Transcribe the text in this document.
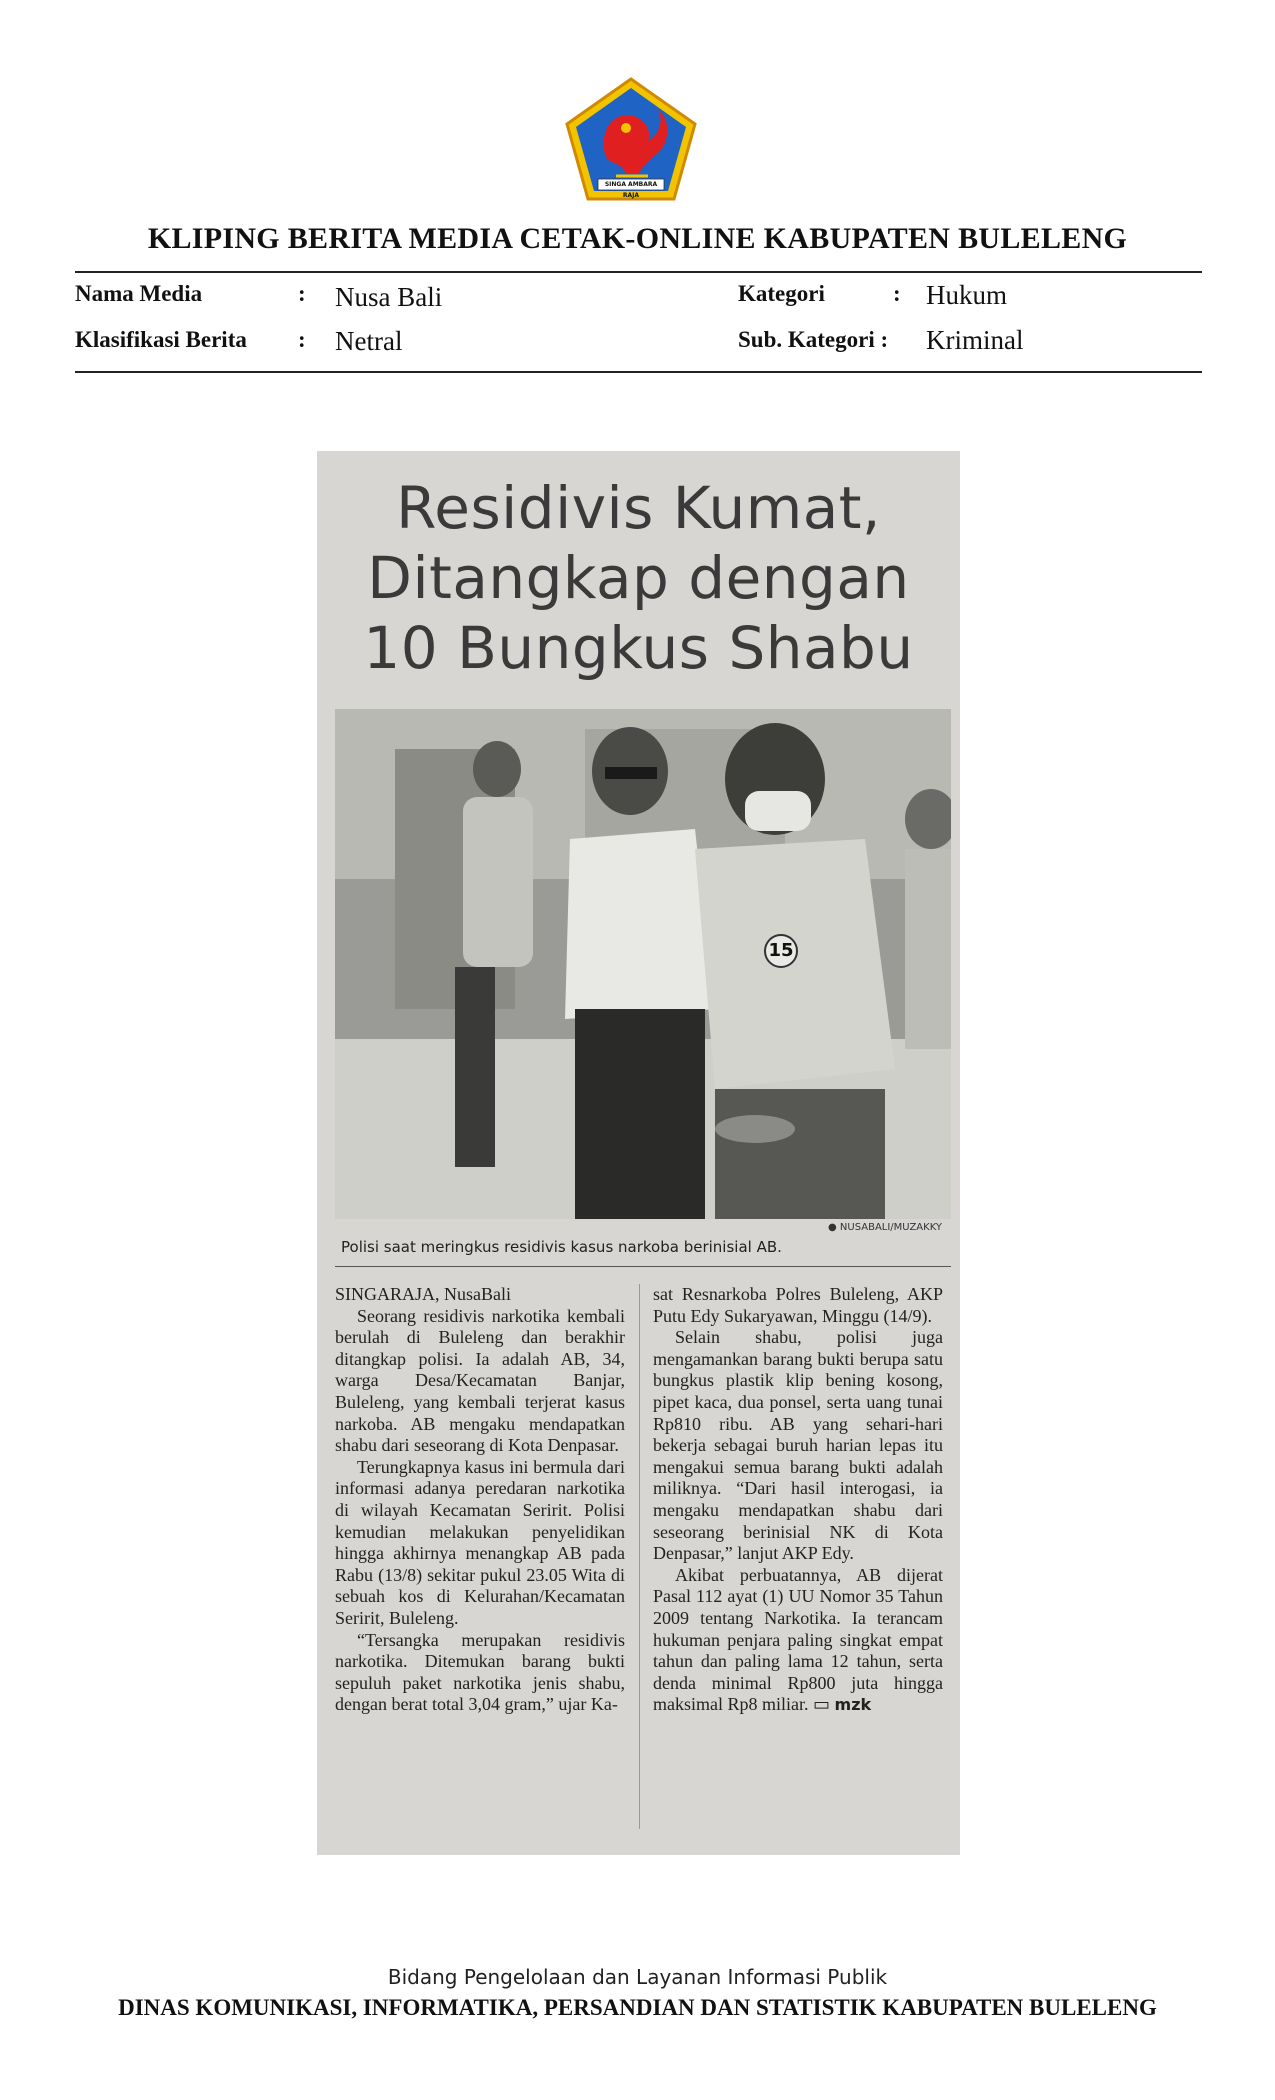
SINGA AMBARA RAJA
KLIPING BERITA MEDIA CETAK-ONLINE KABUPATEN BULELENG
Nama Media	: Nusa Bali	Kategori	: Hukum
Klasifikasi Berita : Netral	Sub. Kategori : Kriminal
Residivis Kumat,
Ditangkap dengan
10 Bungkus Shabu
15
● NUSABALI/MUZAKKY
Polisi saat meringkus residivis kasus narkoba berinisial AB.

SINGARAJA, NusaBali

Seorang residivis narkotika kembali berulah di Buleleng dan berakhir ditangkap polisi. Ia adalah AB, 34, warga Desa/Kecamatan Banjar, Buleleng, yang kembali terjerat kasus narkoba. AB mengaku mendapatkan shabu dari seseorang di Kota Denpasar.

Terungkapnya kasus ini bermula dari informasi adanya peredaran narkotika di wilayah Kecamatan Seririt. Polisi kemudian melakukan penyelidikan hingga akhirnya menangkap AB pada Rabu (13/8) sekitar pukul 23.05 Wita di sebuah kos di Kelurahan/Kecamatan Seririt, Buleleng.

“Tersangka merupakan residivis narkotika. Ditemukan barang bukti sepuluh paket narkotika jenis shabu, dengan berat total 3,04 gram,” ujar Ka-

sat Resnarkoba Polres Buleleng, AKP Putu Edy Sukaryawan, Minggu (14/9).

Selain shabu, polisi juga mengamankan barang bukti berupa satu bungkus plastik klip bening kosong, pipet kaca, dua ponsel, serta uang tunai Rp810 ribu. AB yang sehari-hari bekerja sebagai buruh harian lepas itu mengakui semua barang bukti adalah miliknya. “Dari hasil interogasi, ia mengaku mendapatkan shabu dari seseorang berinisial NK di Kota Denpasar,” lanjut AKP Edy.

Akibat perbuatannya, AB dijerat Pasal 112 ayat (1) UU Nomor 35 Tahun 2009 tentang Narkotika. Ia terancam hukuman penjara paling singkat empat tahun dan paling lama 12 tahun, serta denda minimal Rp800 juta hingga maksimal Rp8 miliar. ▭ mzk

Bidang Pengelolaan dan Layanan Informasi Publik
DINAS KOMUNIKASI, INFORMATIKA, PERSANDIAN DAN STATISTIK KABUPATEN BULELENG
